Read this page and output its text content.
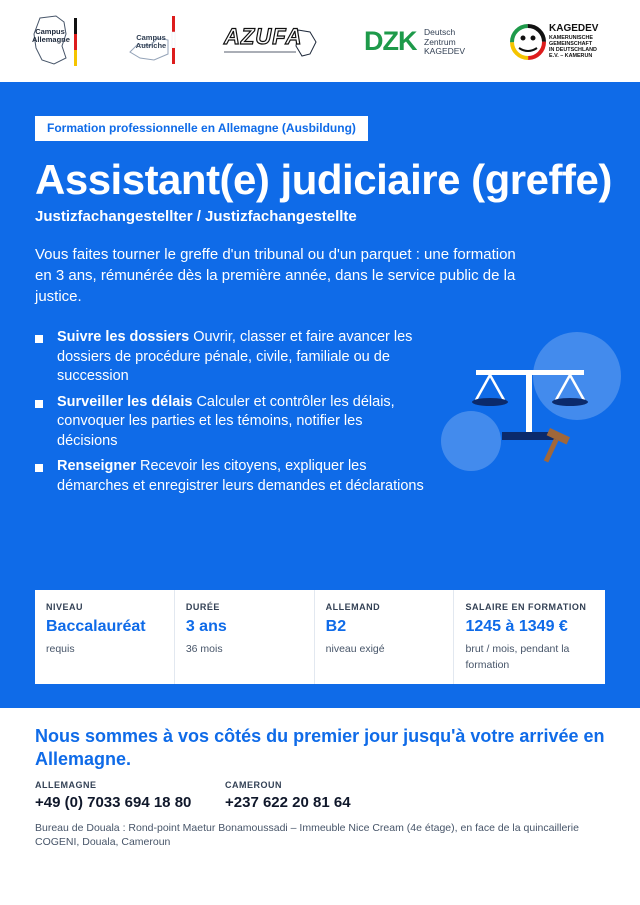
Campus
Allemagne	Campus
Autriche	AZUFA DZK Deutsch
Zentrum
KAGEDEV
KAGEDEV
KAMERUNISCHE
GEMEINSCHAFT
IN DEUTSCHLAND
E.V. – KAMERUN
Formation professionnelle en Allemagne (Ausbildung)
Assistant(e) judiciaire (greffe)
Justizfachangestellter / Justizfachangestellte

Vous faites tourner le greffe d'un tribunal ou d'un parquet : une formation en 3 ans, rémunérée dès la première année, dans le service public de la justice.

Suivre les dossiers Ouvrir, classer et faire avancer les dossiers de procédure pénale, civile, familiale ou de succession
Surveiller les délais Calculer et contrôler les délais, convoquer les parties et les témoins, notifier les décisions
Renseigner Recevoir les citoyens, expliquer les démarches et enregistrer leurs demandes et déclarations
NIVEAU
Baccalauréat
requis
DURÉE
3 ans
36 mois
ALLEMAND
B2
niveau exigé
SALAIRE EN FORMATION
1245 à 1349 €
brut / mois, pendant la formation
Nous sommes à vos côtés du premier jour jusqu'à votre arrivée en Allemagne.
ALLEMAGNE
+49 (0) 7033 694 18 80
CAMEROUN
+237 622 20 81 64
Bureau de Douala : Rond-point Maetur Bonamoussadi – Immeuble Nice Cream (4e étage), en face de la quincaillerie COGENI, Douala, Cameroun
